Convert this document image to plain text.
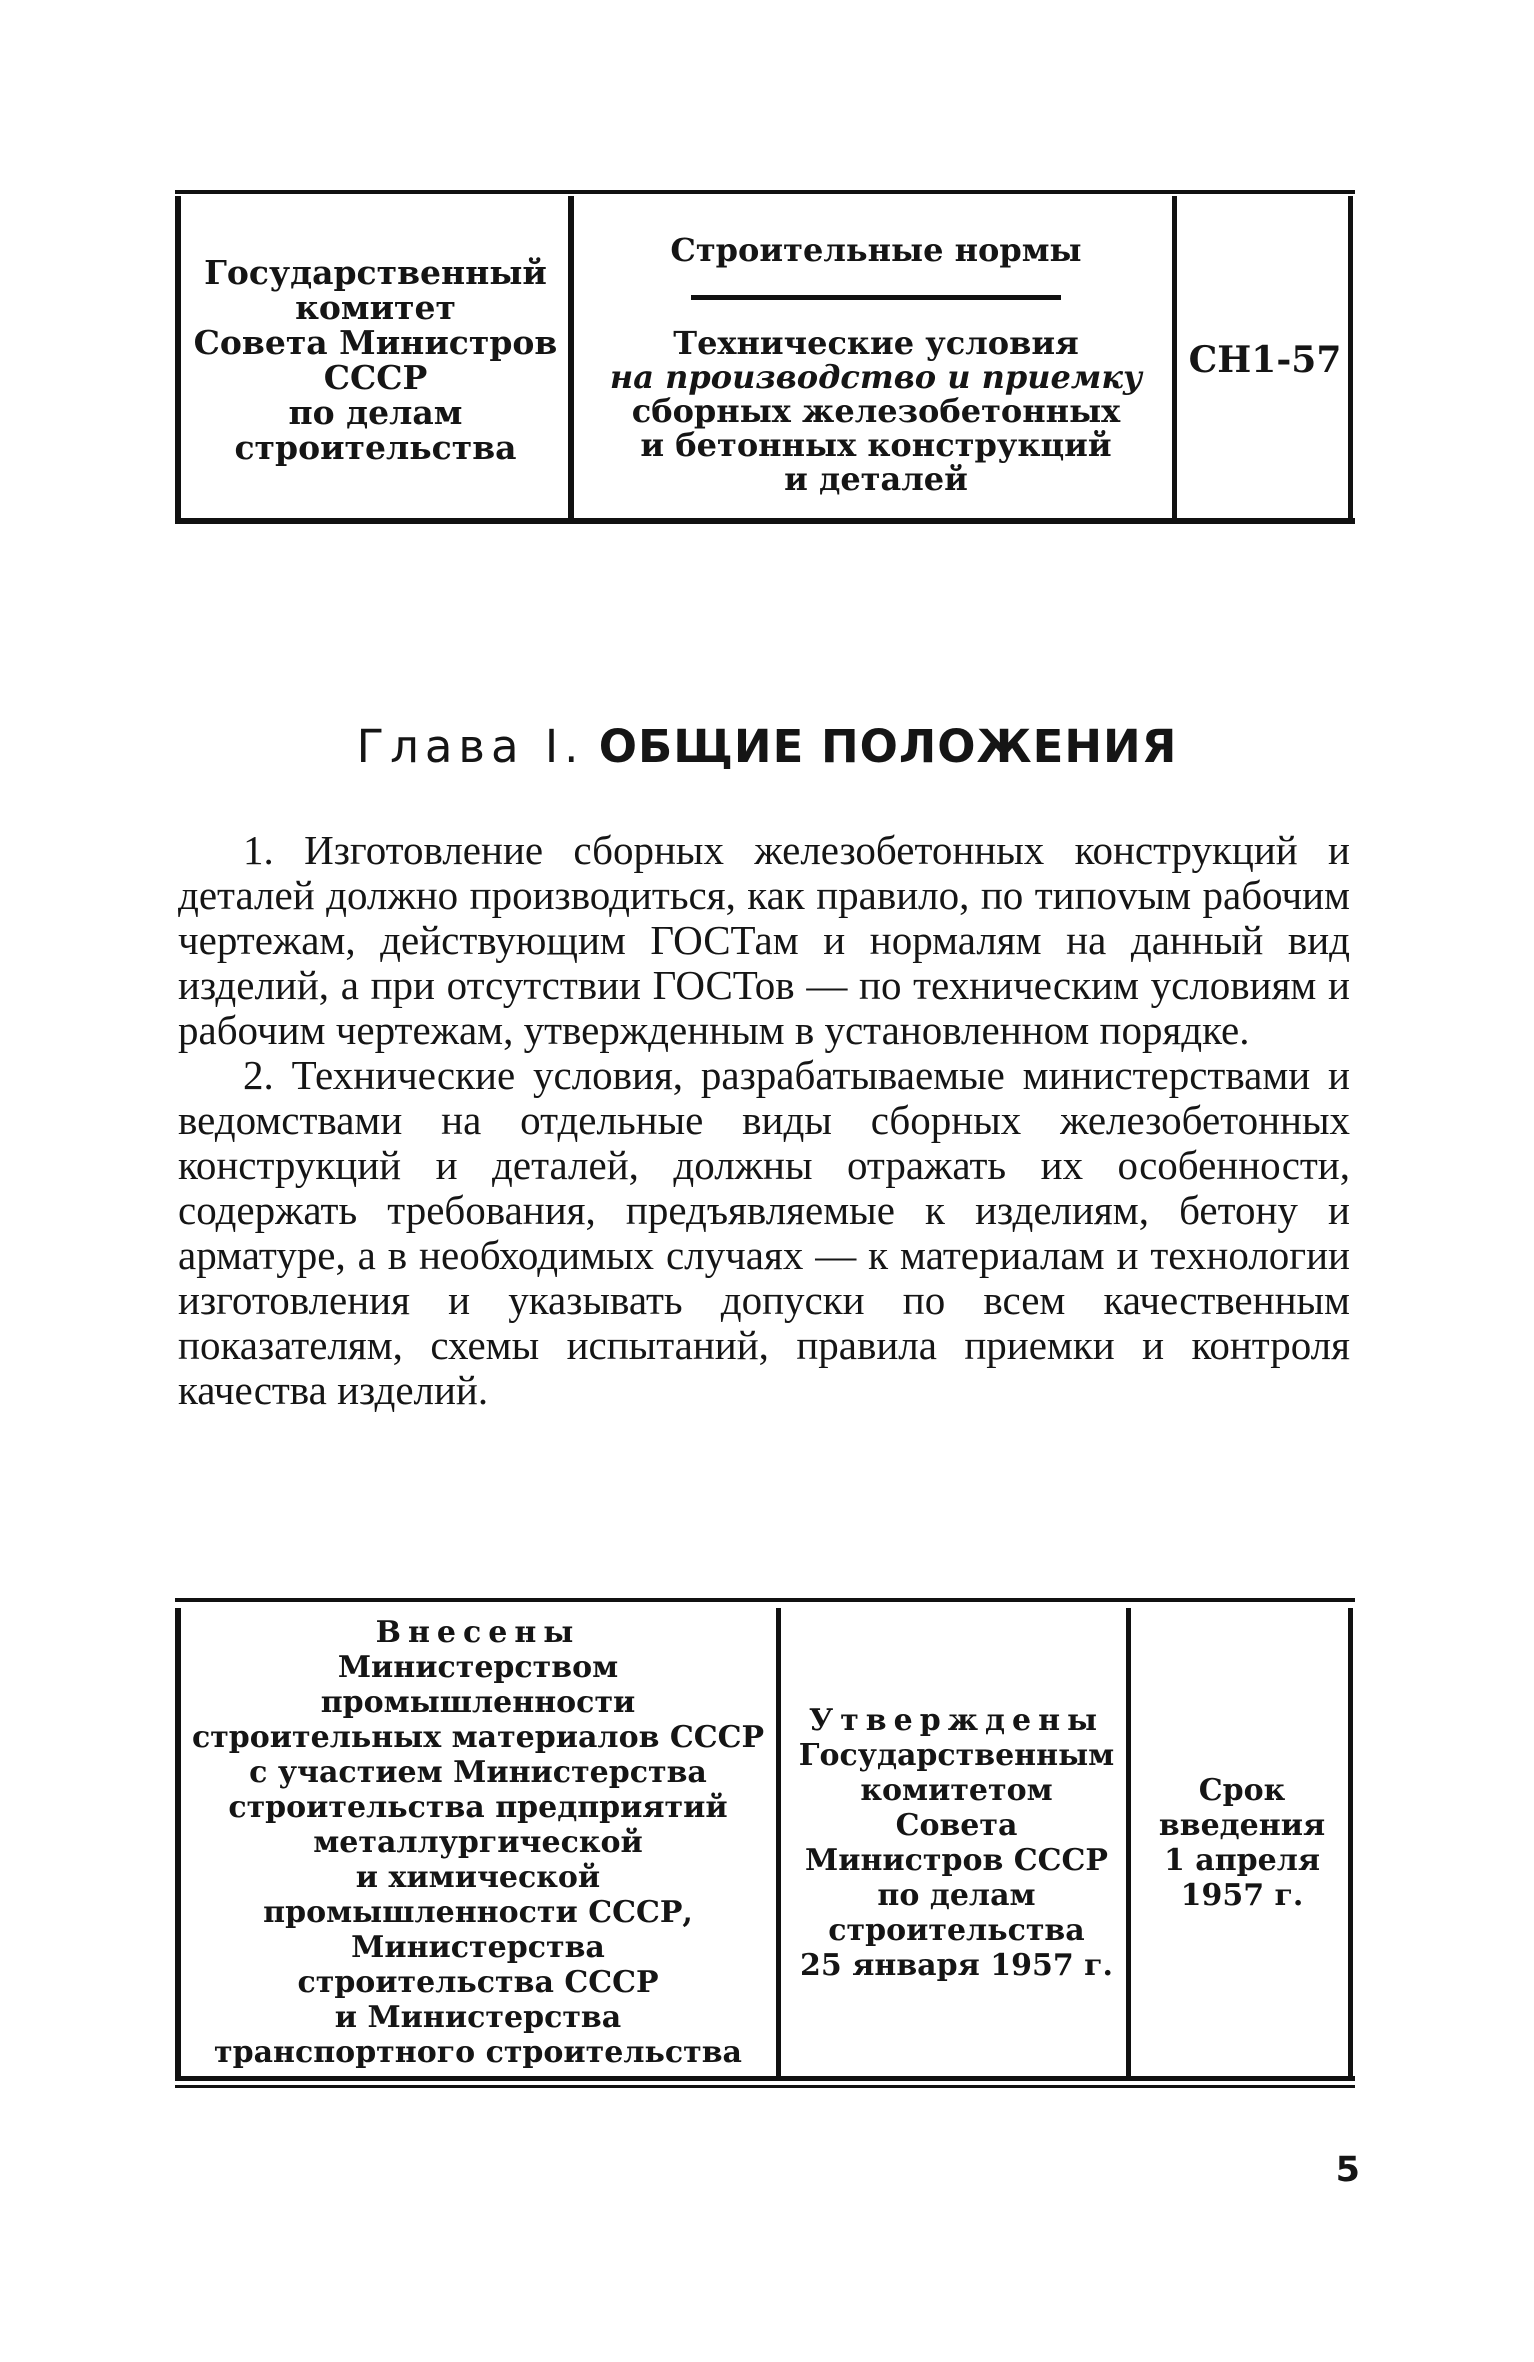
Государственный
комитет
Совета Министров
СССР
по делам
строительства
Строительные нормы
Технические условия
на производство и приемку
сборных железобетонных
и бетонных конструкций
и деталей
СН1-57
Глава I. ОБЩИЕ ПОЛОЖЕНИЯ

1. Изготовление сборных железобетонных конструкций и деталей должно производиться, как правило, по типоvым рабочим чертежам, действующим ГОСТам и нормалям на данный вид изделий, а при отсутствии ГОСТов — по техническим условиям и рабочим чертежам, утвержденным в установленном порядке.

2. Технические условия, разрабатываемые министерствами и ведомствами на отдельные виды сборных железобетонных конструкций и деталей, должны отражать их особенности, содержать требования, предъявляемые к изделиям, бетону и арматуре, а в необходимых случаях — к материалам и технологии изготовления и указывать допуски по всем качественным показателям, схемы испытаний, правила приемки и контроля качества изделий.

Внесены
Министерством промышленности
строительных материалов СССР
с участием Министерства
строительства предприятий
металлургической
и химической
промышленности СССР,
Министерства
строительства СССР
и Министерства
транспортного строительства
Утверждены
Государственным
комитетом
Совета
Министров СССР
по делам
строительства
25 января 1957 г.
Срок
введения
1 апреля
1957 г.
5
